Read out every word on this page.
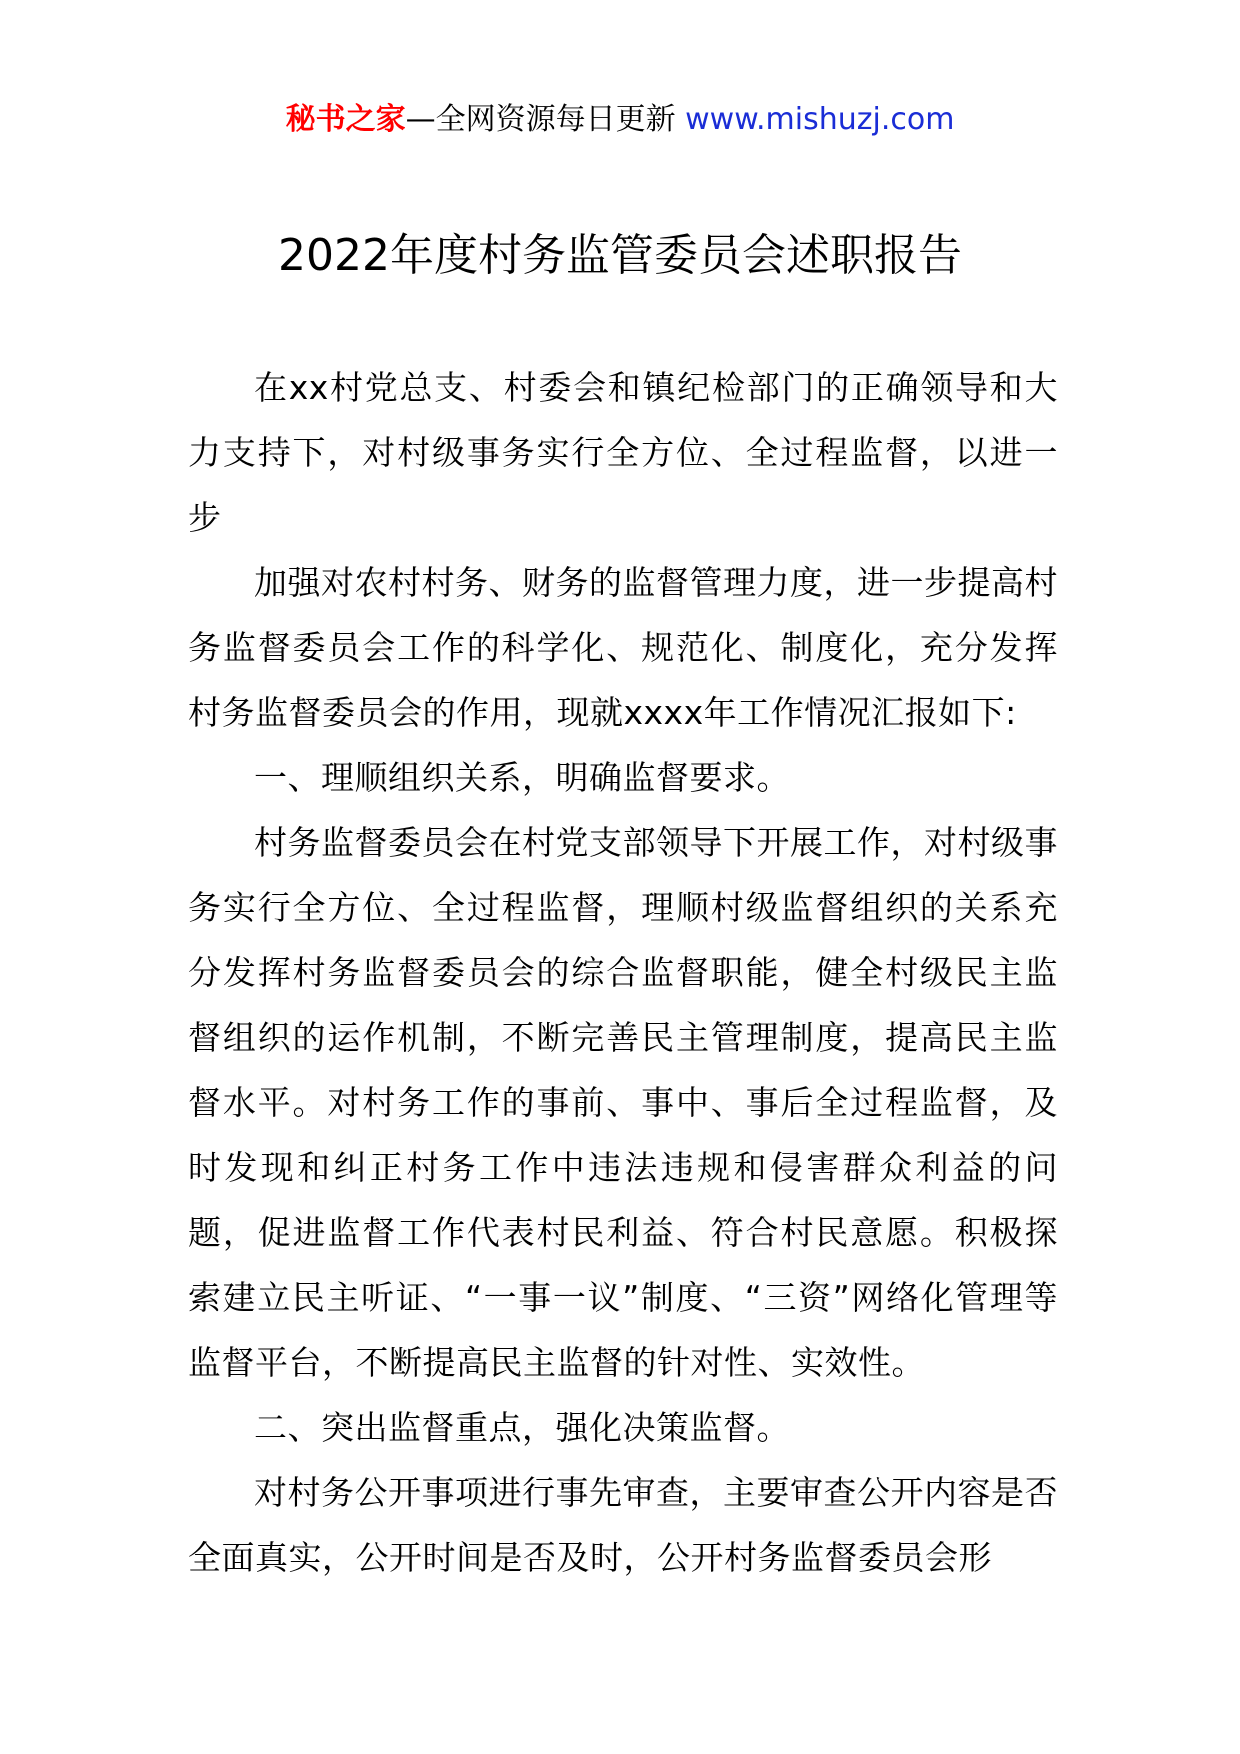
秘书之家—全网资源每日更新 www.mishuzj.com
2022年度村务监管委员会述职报告

在xx村党总支、村委会和镇纪检部门的正确领导和大力支持下，对村级事务实行全方位、全过程监督，以进一步

加强对农村村务、财务的监督管理力度，进一步提高村务监督委员会工作的科学化、规范化、制度化，充分发挥村务监督委员会的作用，现就xxxx年工作情况汇报如下:

一、理顺组织关系，明确监督要求。

村务监督委员会在村党支部领导下开展工作，对村级事务实行全方位、全过程监督，理顺村级监督组织的关系充分发挥村务监督委员会的综合监督职能，健全村级民主监督组织的运作机制，不断完善民主管理制度，提高民主监督水平。对村务工作的事前、事中、事后全过程监督，及时发现和纠正村务工作中违法违规和侵害群众利益的问题，促进监督工作代表村民利益、符合村民意愿。积极探索建立民主听证、“一事一议”制度、“三资”网络化管理等监督平台，不断提高民主监督的针对性、实效性。

二、突出监督重点，强化决策监督。

对村务公开事项进行事先审查，主要审查公开内容是否全面真实，公开时间是否及时，公开村务监督委员会形
